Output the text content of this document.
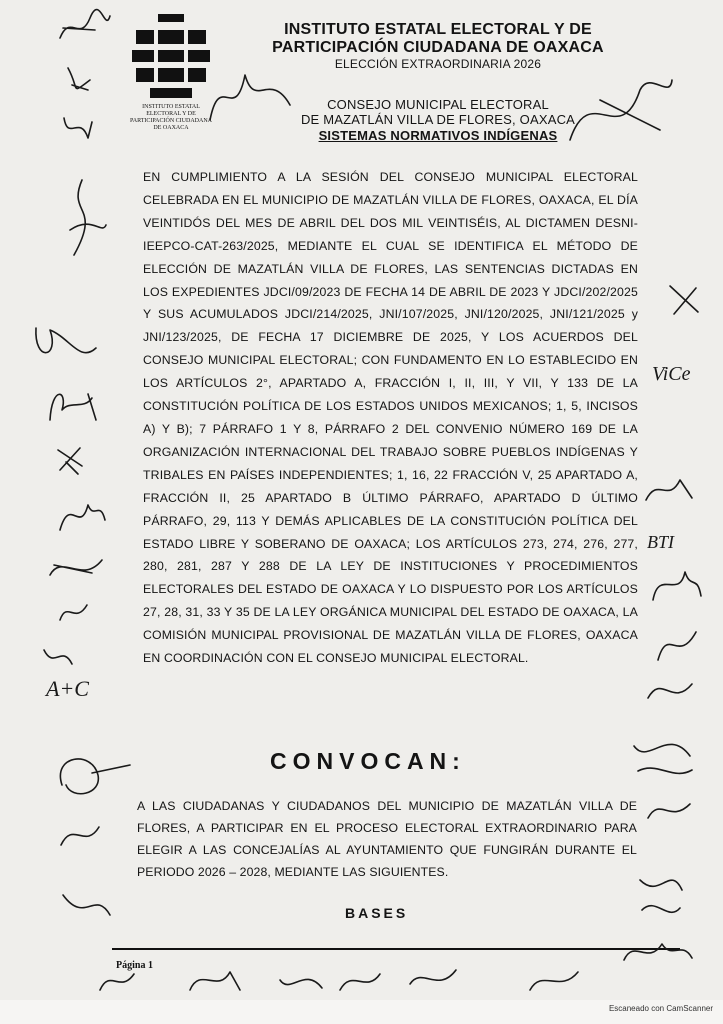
INSTITUTO ESTATAL ELECTORAL Y DE PARTICIPACIÓN CIUDADANA DE OAXACA
INSTITUTO ESTATAL ELECTORAL Y DE
PARTICIPACIÓN CIUDADANA DE OAXACA
ELECCIÓN EXTRAORDINARIA 2026
CONSEJO MUNICIPAL ELECTORAL
DE MAZATLÁN VILLA DE FLORES, OAXACA
SISTEMAS NORMATIVOS INDÍGENAS
EN CUMPLIMIENTO A LA SESIÓN DEL CONSEJO MUNICIPAL ELECTORAL CELEBRADA EN EL MUNICIPIO DE MAZATLÁN VILLA DE FLORES, OAXACA, EL DÍA VEINTIDÓS DEL MES DE ABRIL DEL DOS MIL VEINTISÉIS, AL DICTAMEN DESNI-IEEPCO-CAT-263/2025, MEDIANTE EL CUAL SE IDENTIFICA EL MÉTODO DE ELECCIÓN DE MAZATLÁN VILLA DE FLORES, LAS SENTENCIAS DICTADAS EN LOS EXPEDIENTES JDCI/09/2023 DE FECHA 14 DE ABRIL DE 2023 Y JDCI/202/2025 Y SUS ACUMULADOS JDCI/214/2025, JNI/107/2025, JNI/120/2025, JNI/121/2025 y JNI/123/2025, DE FECHA 17 DICIEMBRE DE 2025, Y LOS ACUERDOS DEL CONSEJO MUNICIPAL ELECTORAL; CON FUNDAMENTO EN LO ESTABLECIDO EN LOS ARTÍCULOS 2°, APARTADO A, FRACCIÓN I, II, III, Y VII, Y 133 DE LA CONSTITUCIÓN POLÍTICA DE LOS ESTADOS UNIDOS MEXICANOS; 1, 5, INCISOS A) Y B); 7 PÁRRAFO 1 Y 8, PÁRRAFO 2 DEL CONVENIO NÚMERO 169 DE LA ORGANIZACIÓN INTERNACIONAL DEL TRABAJO SOBRE PUEBLOS INDÍGENAS Y TRIBALES EN PAÍSES INDEPENDIENTES; 1, 16, 22 FRACCIÓN V, 25 APARTADO A, FRACCIÓN II, 25 APARTADO B ÚLTIMO PÁRRAFO, APARTADO D ÚLTIMO PÁRRAFO, 29, 113 Y DEMÁS APLICABLES DE LA CONSTITUCIÓN POLÍTICA DEL ESTADO LIBRE Y SOBERANO DE OAXACA; LOS ARTÍCULOS 273, 274, 276, 277, 280, 281, 287 Y 288 DE LA LEY DE INSTITUCIONES Y PROCEDIMIENTOS ELECTORALES DEL ESTADO DE OAXACA Y LO DISPUESTO POR LOS ARTÍCULOS 27, 28, 31, 33 Y 35 DE LA LEY ORGÁNICA MUNICIPAL DEL ESTADO DE OAXACA, LA COMISIÓN MUNICIPAL PROVISIONAL DE MAZATLÁN VILLA DE FLORES, OAXACA EN COORDINACIÓN CON EL CONSEJO MUNICIPAL ELECTORAL.
CONVOCAN:
A LAS CIUDADANAS Y CIUDADANOS DEL MUNICIPIO DE MAZATLÁN VILLA DE FLORES, A PARTICIPAR EN EL PROCESO ELECTORAL EXTRAORDINARIO PARA ELEGIR A LAS CONCEJALÍAS AL AYUNTAMIENTO QUE FUNGIRÁN DURANTE EL PERIODO 2026 – 2028, MEDIANTE LAS SIGUIENTES.
BASES
Página 1
A+C
ViCe
BTI
Escaneado con CamScanner
